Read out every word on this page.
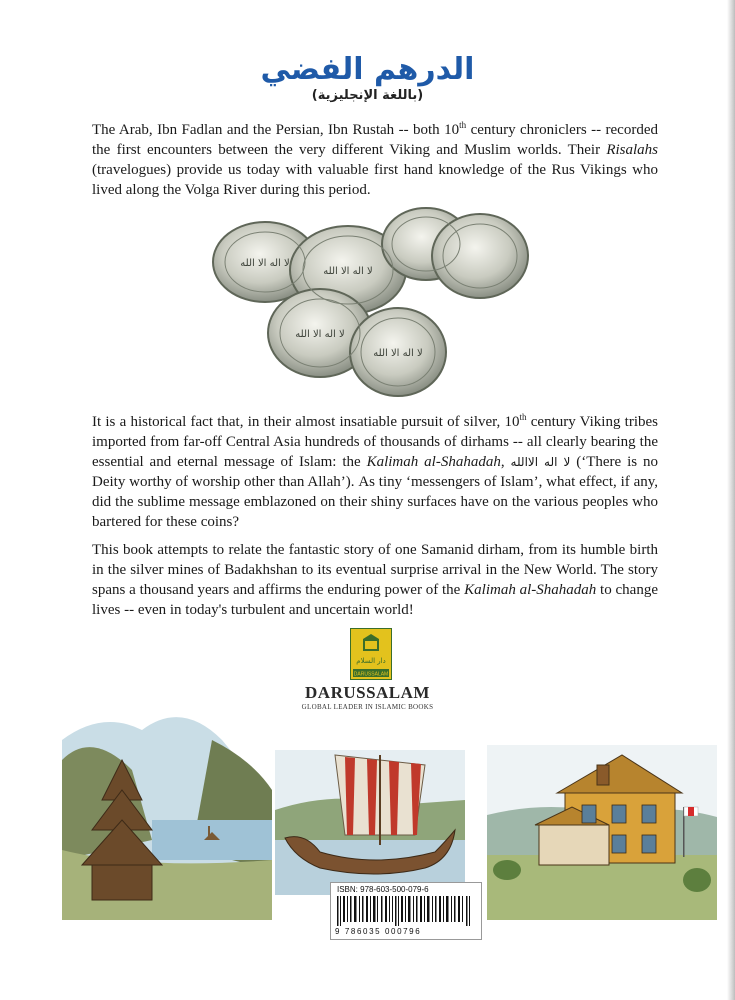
الدرهم الفضي
(باللغة الإنجليزية)

The Arab, Ibn Fadlan and the Persian, Ibn Rustah -- both 10th century chroniclers -- recorded the first encounters between the very different Viking and Muslim worlds. Their Risalahs (travelogues) provide us today with valuable first hand knowledge of the Rus Vikings who lived along the Volga River during this period.

لا اله الا الله
لا اله الا الله
لا اله الا الله
لا اله الا الله

It is a historical fact that, in their almost insatiable pursuit of silver, 10th century Viking tribes imported from far-off Central Asia hundreds of thousands of dirhams -- all clearly bearing the essential and eternal message of Islam: the Kalimah al-Shahadah, لا اله الاالله (‘There is no Deity worthy of worship other than Allah’). As tiny ‘messengers of Islam’, what effect, if any, did the sublime message emblazoned on their shiny surfaces have on the various peoples who bartered for these coins?

This book attempts to relate the fantastic story of one Samanid dirham, from its humble birth in the silver mines of Badakhshan to its eventual surprise arrival in the New World. The story spans a thousand years and affirms the enduring power of the Kalimah al-Shahadah to change lives -- even in today's turbulent and uncertain world!

دار السلام
DARUSSALAM
DARUSSALAM
GLOBAL LEADER IN ISLAMIC BOOKS
ISBN: 978-603-500-079-6
9 786035 000796
